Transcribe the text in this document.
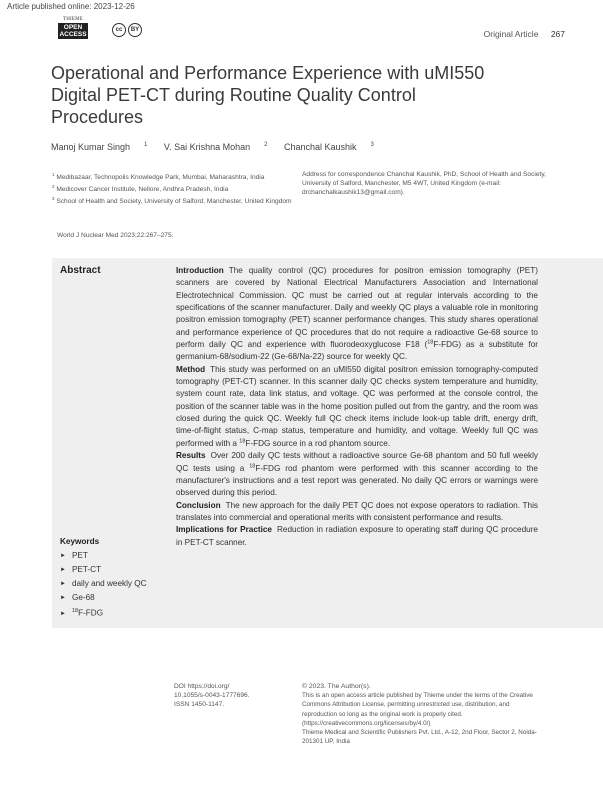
Article published online: 2023-12-26
THIEME
OPEN
ACCESS
cc	BY	Original Article 267
Operational and Performance Experience with uMI550 Digital PET-CT during Routine Quality Control Procedures
Manoj Kumar Singh $^1$ V. Sai Krishna Mohan $^2$ Chanchal Kaushik $^3$

$^1$ Medibazaar, Technopolis Knowledge Park, Mumbai, Maharashtra, India

$^2$ Medicover Cancer Institute, Nellore, Andhra Pradesh, India

$^3$ School of Health and Society, University of Salford, Manchester, United Kingdom

Address for correspondence Chanchal Kaushik, PhD, School of Health and Society, University of Salford, Manchester, M5 4WT, United Kingdom (e-mail: drchanchalkaushik13@gmail.com).
World J Nuclear Med 2023;22:267–275.
Abstract	Introduction The quality control (QC) procedures for positron emission tomography (PET) scanners are covered by National Electrical Manufacturers Association and International Electrotechnical Commission. QC must be carried out at regular intervals according to the specifications of the scanner manufacturer. Daily and weekly QC plays a valuable role in monitoring positron emission tomography (PET) scanner performance changes. This study shares operational and performance experience of QC procedures that do not require a radioactive Ge-68 source to perform daily QC and experience with fluorodeoxyglucose F18 ($^{18}$F-FDG) as a substitute for germanium-68/sodium-22 (Ge-68/Na-22) source for weekly QC.

Method This study was performed on an uMI550 digital positron emission tomography-computed tomography (PET-CT) scanner. In this scanner daily QC checks system temperature and humidity, system count rate, data link status, and voltage. QC was performed at the console control, the position of the scanner table was in the home position pulled out from the gantry, and the room was closed during the quick QC. Weekly full QC check items include look-up table drift, energy drift, time-of-flight status, C-map status, temperature and humidity, and voltage. Weekly full QC was performed with a $^{18}$F-FDG source in a rod phantom source.

Results Over 200 daily QC tests without a radioactive source Ge-68 phantom and 50 full weekly QC tests using a $^{18}$F-FDG rod phantom were performed with this scanner according to the manufacturer's instructions and a test report was generated. No daily QC errors or warnings were observed during this period.

Conclusion The new approach for the daily PET QC does not expose operators to radiation. This translates into commercial and operational merits with consistent performance and results.

Implications for Practice Reduction in radiation exposure to operating staff during QC procedure in PET-CT scanner.

Keywords
► PET
► PET-CT
► daily and weekly QC
► Ge-68
► $^{18}$F-FDG
DOI https://doi.org/
10.1055/s-0043-1777696.
ISSN 1450-1147.
© 2023. The Author(s).
This is an open access article published by Thieme under the terms of the Creative Commons Attribution License, permitting unrestricted use, distribution, and reproduction so long as the original work is properly cited. (https://creativecommons.org/licenses/by/4.0/)
Thieme Medical and Scientific Publishers Pvt. Ltd., A-12, 2nd Floor, Sector 2, Noida-201301 UP, India
